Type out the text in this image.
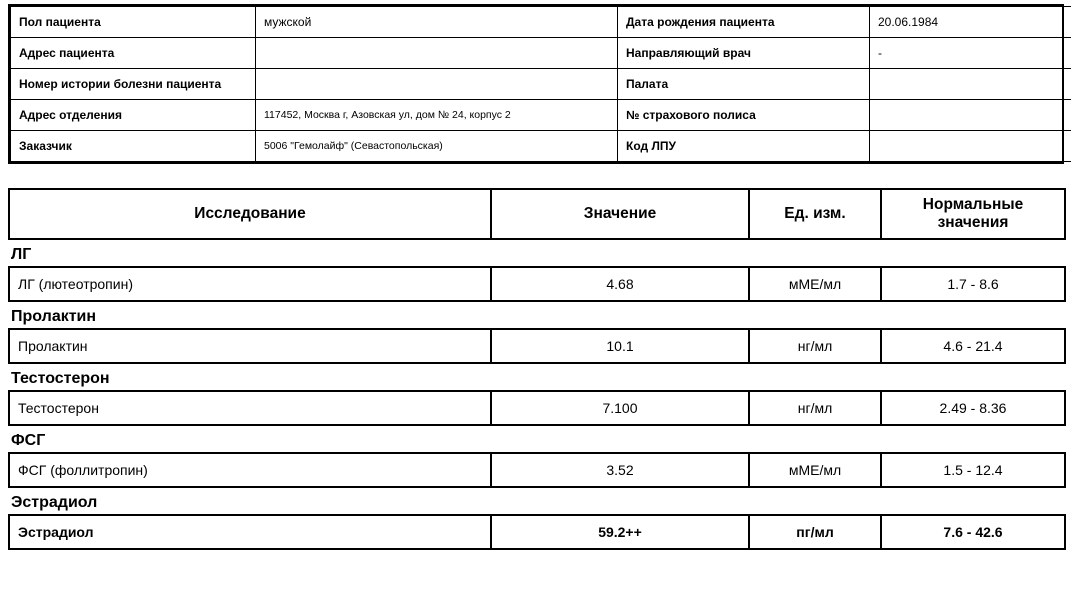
Пол пациента	мужской	Дата рождения пациента	20.06.1984
Адрес пациента		Направляющий врач	-
Номер истории болезни пациента		Палата	
Адрес отделения	117452, Москва г, Азовская ул, дом № 24, корпус 2	№ страхового полиса	
Заказчик	5006 "Гемолайф" (Севастопольская)	Код ЛПУ	
Исследование	Значение	Ед. изм.	Нормальные
значения

ЛГ			
ЛГ (лютеотропин)	4.68	мМЕ/мл	1.7 - 8.6
Пролактин			
Пролактин	10.1	нг/мл	4.6 - 21.4
Тестостерон			
Тестостерон	7.100	нг/мл	2.49 - 8.36
ФСГ			
ФСГ (фоллитропин)	3.52	мМЕ/мл	1.5 - 12.4
Эстрадиол			
Эстрадиол	59.2++	пг/мл	7.6 - 42.6
